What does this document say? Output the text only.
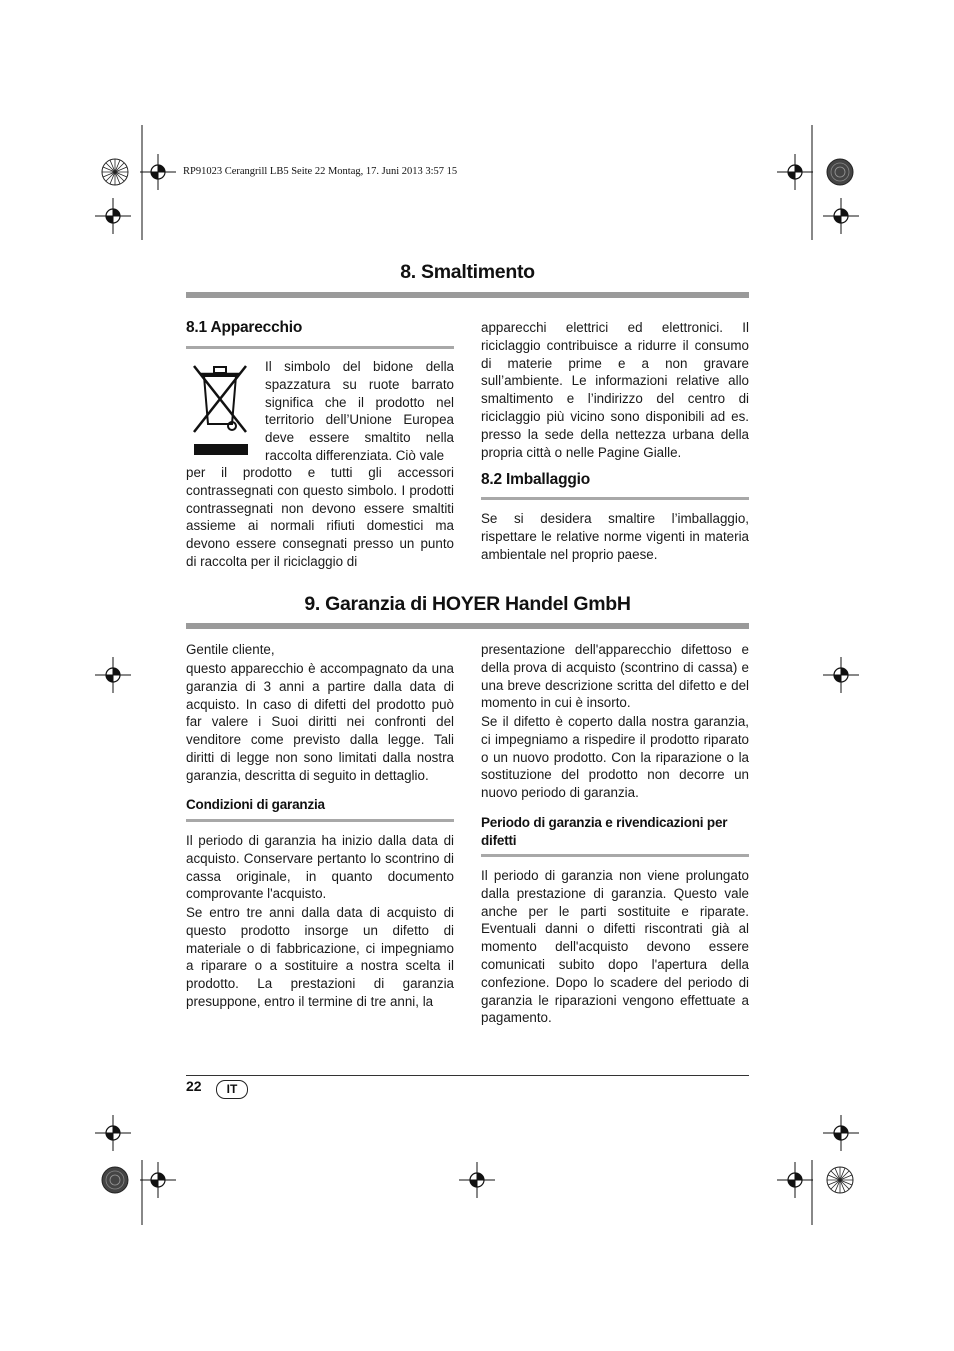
RP91023 Cerangrill LB5 Seite 22 Montag, 17. Juni 2013 3:57 15
8. Smaltimento
8.1 Apparecchio

Il simbolo del bidone della spazzatura su ruote barrato significa che il prodotto nel territorio dell’Unione Europea deve essere smaltito nella raccolta differenziata. Ciò vale

per il prodotto e tutti gli accessori contrassegnati con questo simbolo. I prodotti contrassegnati non devono essere smaltiti assieme ai normali rifiuti domestici ma devono essere consegnati presso un punto di raccolta per il riciclaggio di

apparecchi elettrici ed elettronici. Il riciclaggio contribuisce a ridurre il consumo di materie prime e a non gravare sull’ambiente. Le informazioni relative allo smaltimento e l’indirizzo del centro di riciclaggio più vicino sono disponibili ad es. presso la sede della nettezza urbana della propria città o nelle Pagine Gialle.

8.2 Imballaggio

Se si desidera smaltire l’imballaggio, rispettare le relative norme vigenti in materia ambientale nel proprio paese.

9. Garanzia di HOYER Handel GmbH

Gentile cliente,

questo apparecchio è accompagnato da una garanzia di 3 anni a partire dalla data di acquisto. In caso di difetti del prodotto può far valere i Suoi diritti nei confronti del venditore come previsto dalla legge. Tali diritti di legge non sono limitati dalla nostra garanzia, descritta di seguito in dettaglio.

Condizioni di garanzia

Il periodo di garanzia ha inizio dalla data di acquisto. Conservare pertanto lo scontrino di cassa originale, in quanto documento comprovante l'acquisto.

Se entro tre anni dalla data di acquisto di questo prodotto insorge un difetto di materiale o di fabbricazione, ci impegniamo a riparare o a sostituire a nostra scelta il prodotto. La prestazioni di garanzia presuppone, entro il termine di tre anni, la

presentazione dell'apparecchio difettoso e della prova di acquisto (scontrino di cassa) e una breve descrizione scritta del difetto e del momento in cui è insorto.

Se il difetto è coperto dalla nostra garanzia, ci impegniamo a rispedire il prodotto riparato o un nuovo prodotto. Con la riparazione o la sostituzione del prodotto non decorre un nuovo periodo di garanzia.

Periodo di garanzia e rivendicazioni per difetti

Il periodo di garanzia non viene prolungato dalla prestazione di garanzia. Questo vale anche per le parti sostituite e riparate. Eventuali danni o difetti riscontrati già al momento dell'acquisto devono essere comunicati subito dopo l'apertura della confezione. Dopo lo scadere del periodo di garanzia le riparazioni vengono effettuate a pagamento.

22	IT
